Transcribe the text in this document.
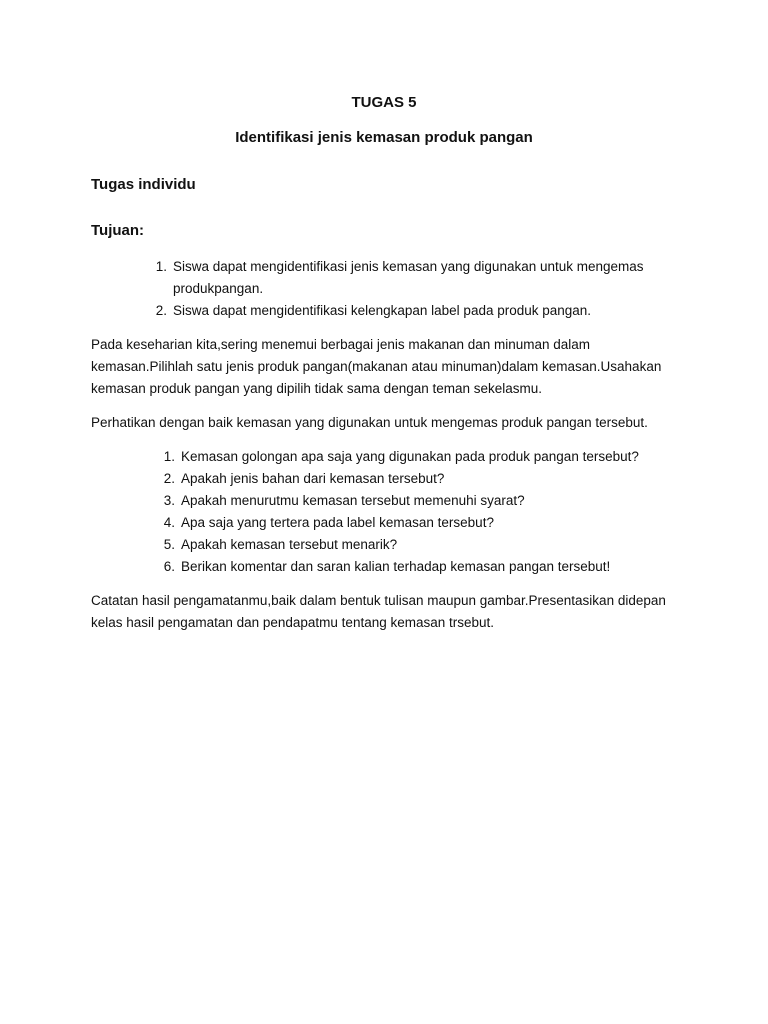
TUGAS 5
Identifikasi jenis kemasan produk pangan
Tugas individu
Tujuan:
1. Siswa dapat mengidentifikasi jenis kemasan yang digunakan untuk mengemas produkpangan.
2. Siswa dapat mengidentifikasi kelengkapan label pada produk pangan.

Pada keseharian kita,sering menemui berbagai jenis makanan dan minuman dalam kemasan.Pilihlah satu jenis produk pangan(makanan atau minuman)dalam kemasan.Usahakan kemasan produk pangan yang dipilih tidak sama dengan teman sekelasmu.

Perhatikan dengan baik kemasan yang digunakan untuk mengemas produk pangan tersebut.

1. Kemasan golongan apa saja yang digunakan pada produk pangan tersebut?
2. Apakah jenis bahan dari kemasan tersebut?
3. Apakah menurutmu kemasan tersebut memenuhi syarat?
4. Apa saja yang tertera pada label kemasan tersebut?
5. Apakah kemasan tersebut menarik?
6. Berikan komentar dan saran kalian terhadap kemasan pangan tersebut!

Catatan hasil pengamatanmu,baik dalam bentuk tulisan maupun gambar.Presentasikan didepan kelas hasil pengamatan dan pendapatmu tentang kemasan trsebut.
